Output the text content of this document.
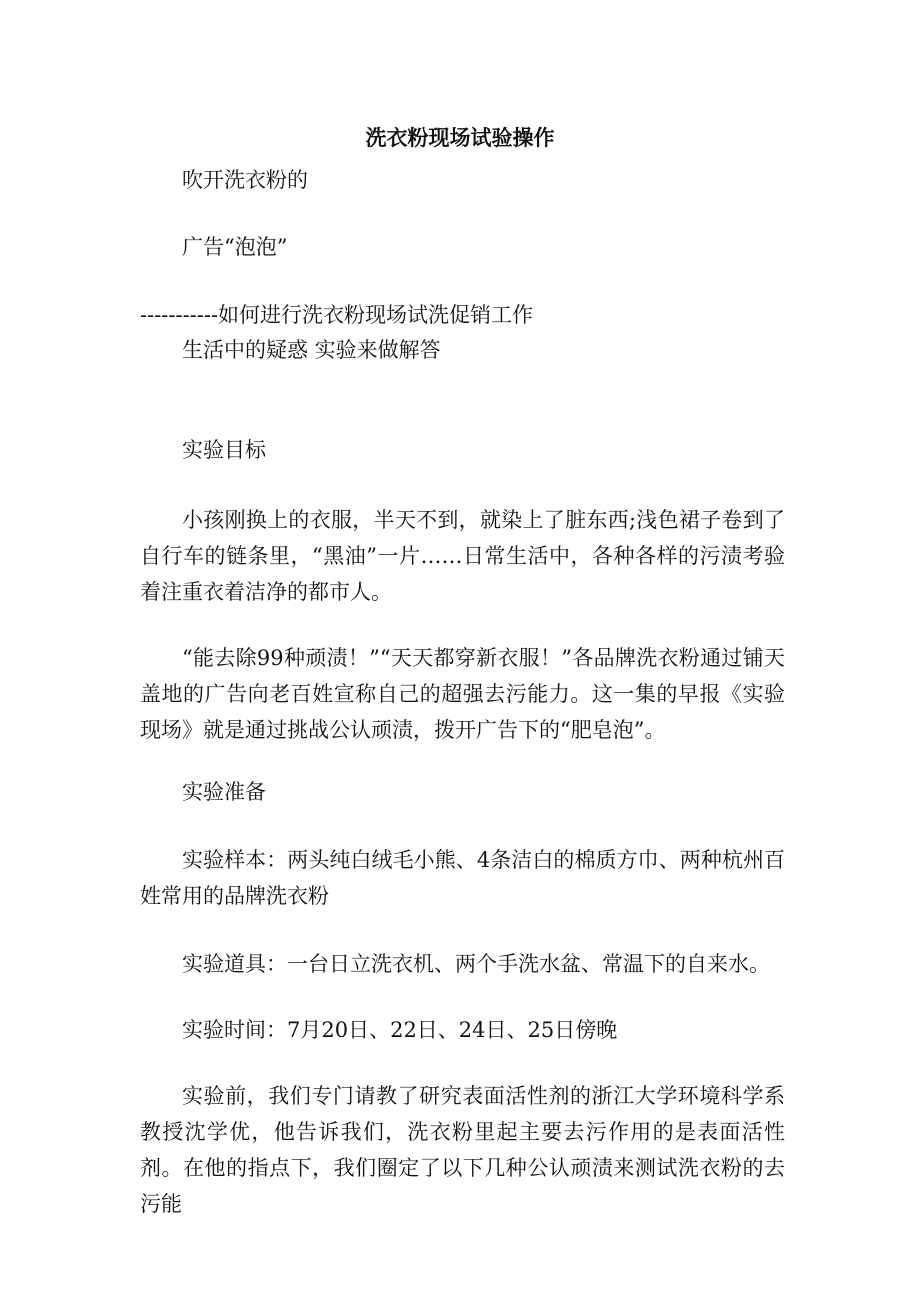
洗衣粉现场试验操作
吹开洗衣粉的
广告“泡泡”
-----------如何进行洗衣粉现场试洗促销工作
生活中的疑惑 实验来做解答
实验目标
小孩刚换上的衣服，半天不到，就染上了脏东西;浅色裙子卷到了自行车的链条里，“黑油”一片……日常生活中，各种各样的污渍考验着注重衣着洁净的都市人。
“能去除99种顽渍！”“天天都穿新衣服！”各品牌洗衣粉通过铺天盖地的广告向老百姓宣称自己的超强去污能力。这一集的早报《实验现场》就是通过挑战公认顽渍，拨开广告下的“肥皂泡”。
实验准备
实验样本：两头纯白绒毛小熊、4条洁白的棉质方巾、两种杭州百姓常用的品牌洗衣粉
实验道具：一台日立洗衣机、两个手洗水盆、常温下的自来水。
实验时间：7月20日、22日、24日、25日傍晚
实验前，我们专门请教了研究表面活性剂的浙江大学环境科学系教授沈学优，他告诉我们，洗衣粉里起主要去污作用的是表面活性剂。在他的指点下，我们圈定了以下几种公认顽渍来测试洗衣粉的去污能
